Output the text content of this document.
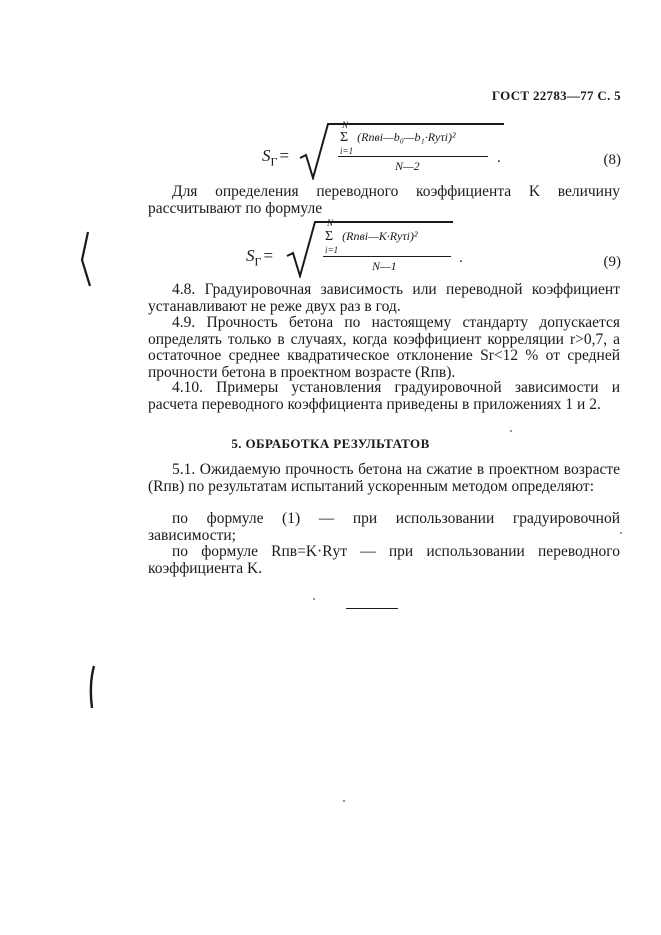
ГОСТ 22783—77 С. 5
$S_Г$ =
N
Σ (Rпвi—b₀—b₁·Rуτi)²
i=1
N—2	.	(8)
Для определения переводного коэффициента K величину рассчитывают по формуле
$S_Г$ =
N
Σ (Rпвi—K·Rуτi)²
i=1
N—1	.	(9)
4.8. Градуировочная зависимость или переводной коэффициент устанавливают не реже двух раз в год.
4.9. Прочность бетона по настоящему стандарту допускается определять только в случаях, когда коэффициент корреляции r>0,7, а остаточное среднее квадратическое отклонение Sr<12 % от средней прочности бетона в проектном возрасте (Rпв).
4.10. Примеры установления градуировочной зависимости и расчета переводного коэффициента приведены в приложениях 1 и 2.
5. ОБРАБОТКА РЕЗУЛЬТАТОВ
5.1. Ожидаемую прочность бетона на сжатие в проектном возрасте (Rпв) по результатам испытаний ускоренным методом определяют:
по формуле (1) — при использовании градуировочной зависимости;
по формуле Rпв=K·Rут — при использовании переводного коэффициента K.
